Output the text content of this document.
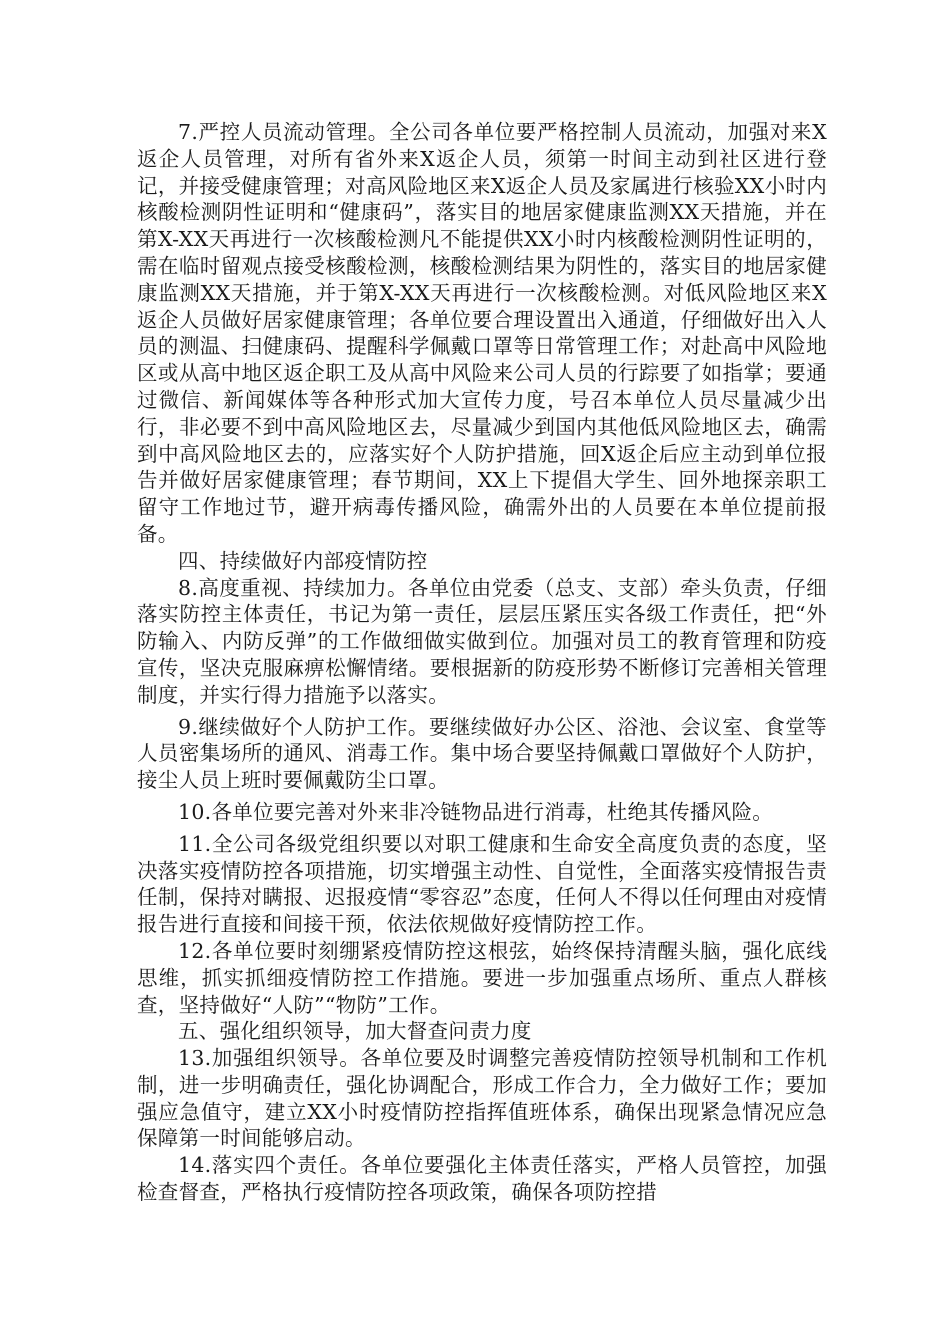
7.严控人员流动管理。全公司各单位要严格控制人员流动，加强对来X返企人员管理，对所有省外来X返企人员，须第一时间主动到社区进行登记，并接受健康管理；对高风险地区来X返企人员及家属进行核验XX小时内核酸检测阴性证明和“健康码”，落实目的地居家健康监测XX天措施，并在第X-XX天再进行一次核酸检测凡不能提供XX小时内核酸检测阴性证明的，需在临时留观点接受核酸检测，核酸检测结果为阴性的，落实目的地居家健康监测XX天措施，并于第X-XX天再进行一次核酸检测。对低风险地区来X返企人员做好居家健康管理；各单位要合理设置出入通道，仔细做好出入人员的测温、扫健康码、提醒科学佩戴口罩等日常管理工作；对赴高中风险地区或从高中地区返企职工及从高中风险来公司人员的行踪要了如指掌；要通过微信、新闻媒体等各种形式加大宣传力度，号召本单位人员尽量减少出行，非必要不到中高风险地区去，尽量减少到国内其他低风险地区去，确需到中高风险地区去的，应落实好个人防护措施，回X返企后应主动到单位报告并做好居家健康管理；春节期间，XX上下提倡大学生、回外地探亲职工留守工作地过节，避开病毒传播风险，确需外出的人员要在本单位提前报备。

四、持续做好内部疫情防控

8.高度重视、持续加力。各单位由党委（总支、支部）牵头负责，仔细落实防控主体责任，书记为第一责任，层层压紧压实各级工作责任，把“外防输入、内防反弹”的工作做细做实做到位。加强对员工的教育管理和防疫宣传，坚决克服麻痹松懈情绪。要根据新的防疫形势不断修订完善相关管理制度，并实行得力措施予以落实。

9.继续做好个人防护工作。要继续做好办公区、浴池、会议室、食堂等人员密集场所的通风、消毒工作。集中场合要坚持佩戴口罩做好个人防护，接尘人员上班时要佩戴防尘口罩。

10.各单位要完善对外来非冷链物品进行消毒，杜绝其传播风险。

11.全公司各级党组织要以对职工健康和生命安全高度负责的态度，坚决落实疫情防控各项措施，切实增强主动性、自觉性，全面落实疫情报告责任制，保持对瞒报、迟报疫情“零容忍”态度，任何人不得以任何理由对疫情报告进行直接和间接干预，依法依规做好疫情防控工作。

12.各单位要时刻绷紧疫情防控这根弦，始终保持清醒头脑，强化底线思维，抓实抓细疫情防控工作措施。要进一步加强重点场所、重点人群核查，坚持做好“人防”“物防”工作。

五、强化组织领导，加大督查问责力度

13.加强组织领导。各单位要及时调整完善疫情防控领导机制和工作机制，进一步明确责任，强化协调配合，形成工作合力，全力做好工作；要加强应急值守，建立XX小时疫情防控指挥值班体系，确保出现紧急情况应急保障第一时间能够启动。

14.落实四个责任。各单位要强化主体责任落实，严格人员管控，加强检查督查，严格执行疫情防控各项政策，确保各项防控措
